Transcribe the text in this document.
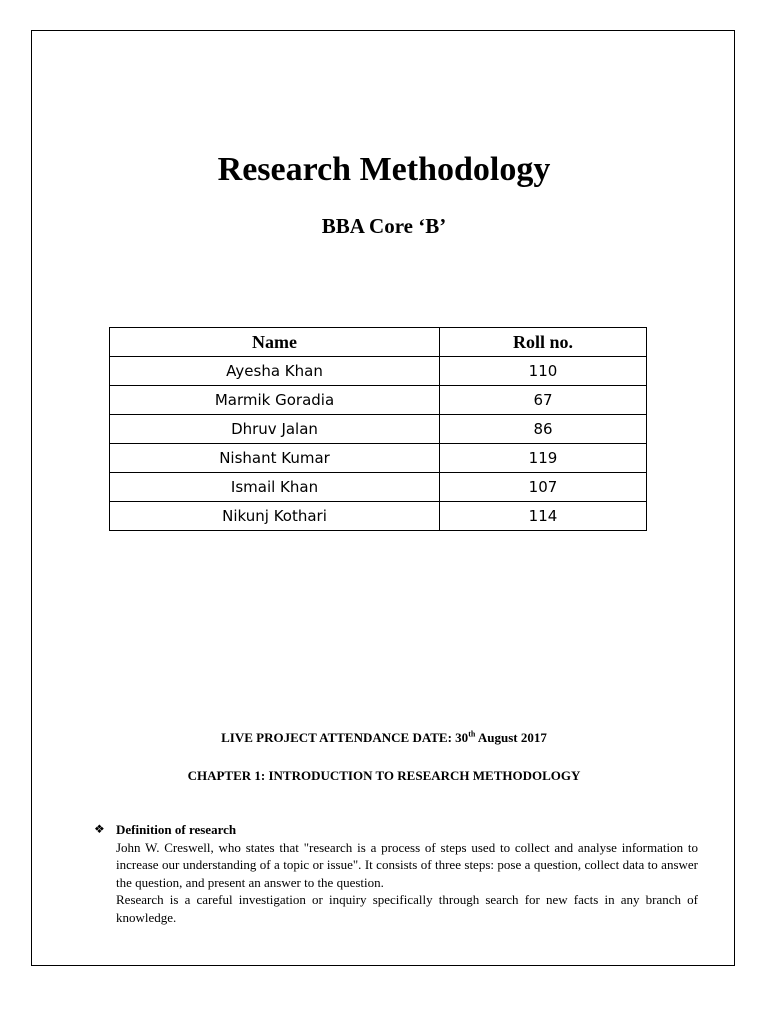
Research Methodology
BBA Core ‘B’
Name	Roll no.
Ayesha Khan	110
Marmik Goradia	67
Dhruv Jalan	86
Nishant Kumar	119
Ismail Khan	107
Nikunj Kothari	114
LIVE PROJECT ATTENDANCE DATE: 30th August 2017
CHAPTER 1: INTRODUCTION TO RESEARCH METHODOLOGY
❖ Definition of research

John W. Creswell, who states that "research is a process of steps used to collect and analyse information to increase our understanding of a topic or issue". It consists of three steps: pose a question, collect data to answer the question, and present an answer to the question.

Research is a careful investigation or inquiry specifically through search for new facts in any branch of knowledge.
